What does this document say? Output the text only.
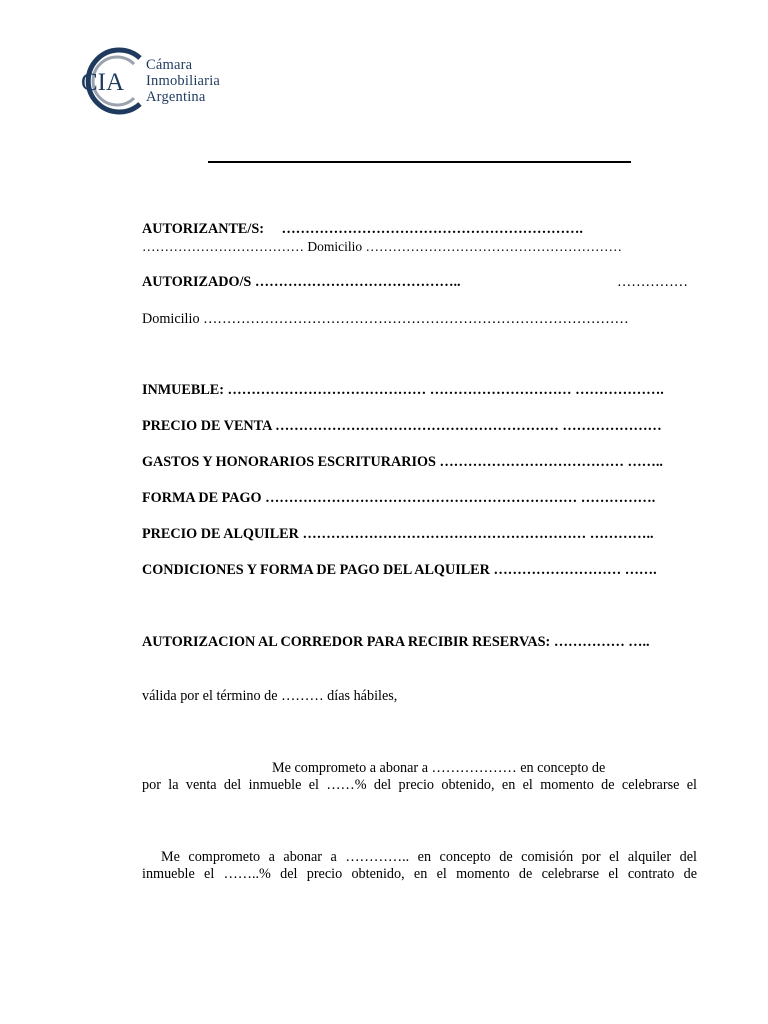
CIA
Cámara
Inmobiliaria
Argentina
AUTORIZANTE/S: ……………………………………………………….
……………………………… Domicilio …………………………………………………
AUTORIZADO/S ……………………………………..	……………
Domicilio ………………………………………………………………………………
INMUEBLE: …………………………………… ………………………… ……………….
PRECIO DE VENTA …………………………………………………… …………………
GASTOS Y HONORARIOS ESCRITURARIOS ………………………………… ……..
FORMA DE PAGO ………………………………………………………… …………….
PRECIO DE ALQUILER …………………………………………………… …………..
CONDICIONES Y FORMA DE PAGO DEL ALQUILER ……………………… …….
AUTORIZACION AL CORREDOR PARA RECIBIR RESERVAS: …………… …..
válida por el término de ……… días hábiles,
Me comprometo a abonar a ……………… en concepto de
por la venta del inmueble el ……% del precio obtenido, en el momento de celebrarse el
Me comprometo a abonar a ………….. en concepto de comisión por el alquiler del
inmueble el ……..% del precio obtenido, en el momento de celebrarse el contrato de
